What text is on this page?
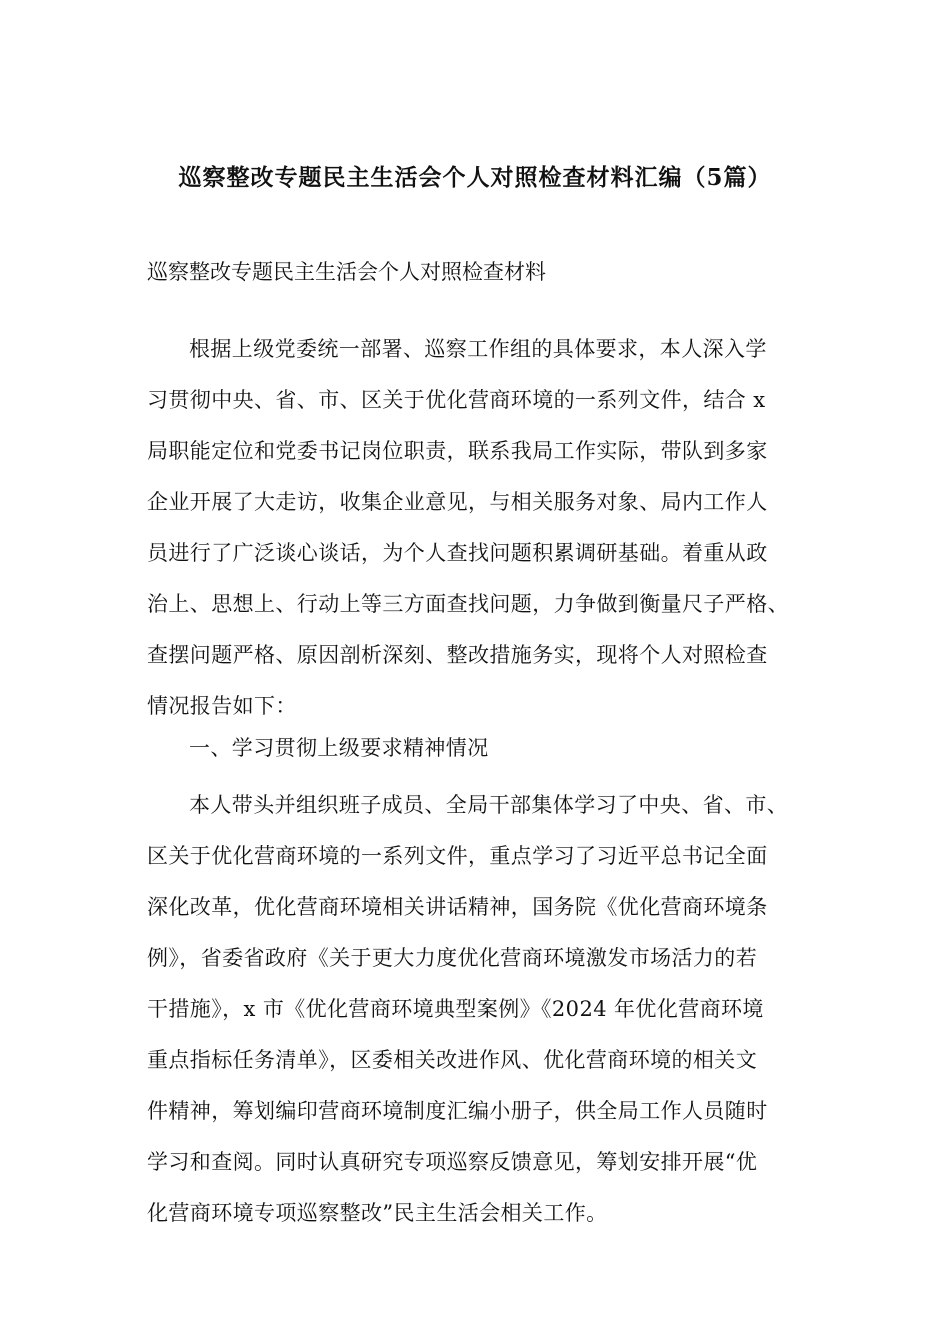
巡察整改专题民主生活会个人对照检查材料汇编（5篇）
巡察整改专题民主生活会个人对照检查材料
根据上级党委统一部署、巡察工作组的具体要求，本人深入学
习贯彻中央、省、市、区关于优化营商环境的一系列文件，结合 x
局职能定位和党委书记岗位职责，联系我局工作实际，带队到多家
企业开展了大走访，收集企业意见，与相关服务对象、局内工作人
员进行了广泛谈心谈话，为个人查找问题积累调研基础。着重从政
治上、思想上、行动上等三方面查找问题，力争做到衡量尺子严格、
查摆问题严格、原因剖析深刻、整改措施务实，现将个人对照检查
情况报告如下：
一、学习贯彻上级要求精神情况
本人带头并组织班子成员、全局干部集体学习了中央、省、市、
区关于优化营商环境的一系列文件，重点学习了习近平总书记全面
深化改革，优化营商环境相关讲话精神，国务院《优化营商环境条
例》，省委省政府《关于更大力度优化营商环境激发市场活力的若
干措施》，x 市《优化营商环境典型案例》《2024 年优化营商环境
重点指标任务清单》，区委相关改进作风、优化营商环境的相关文
件精神，筹划编印营商环境制度汇编小册子，供全局工作人员随时
学习和查阅。同时认真研究专项巡察反馈意见，筹划安排开展“优
化营商环境专项巡察整改”民主生活会相关工作。
